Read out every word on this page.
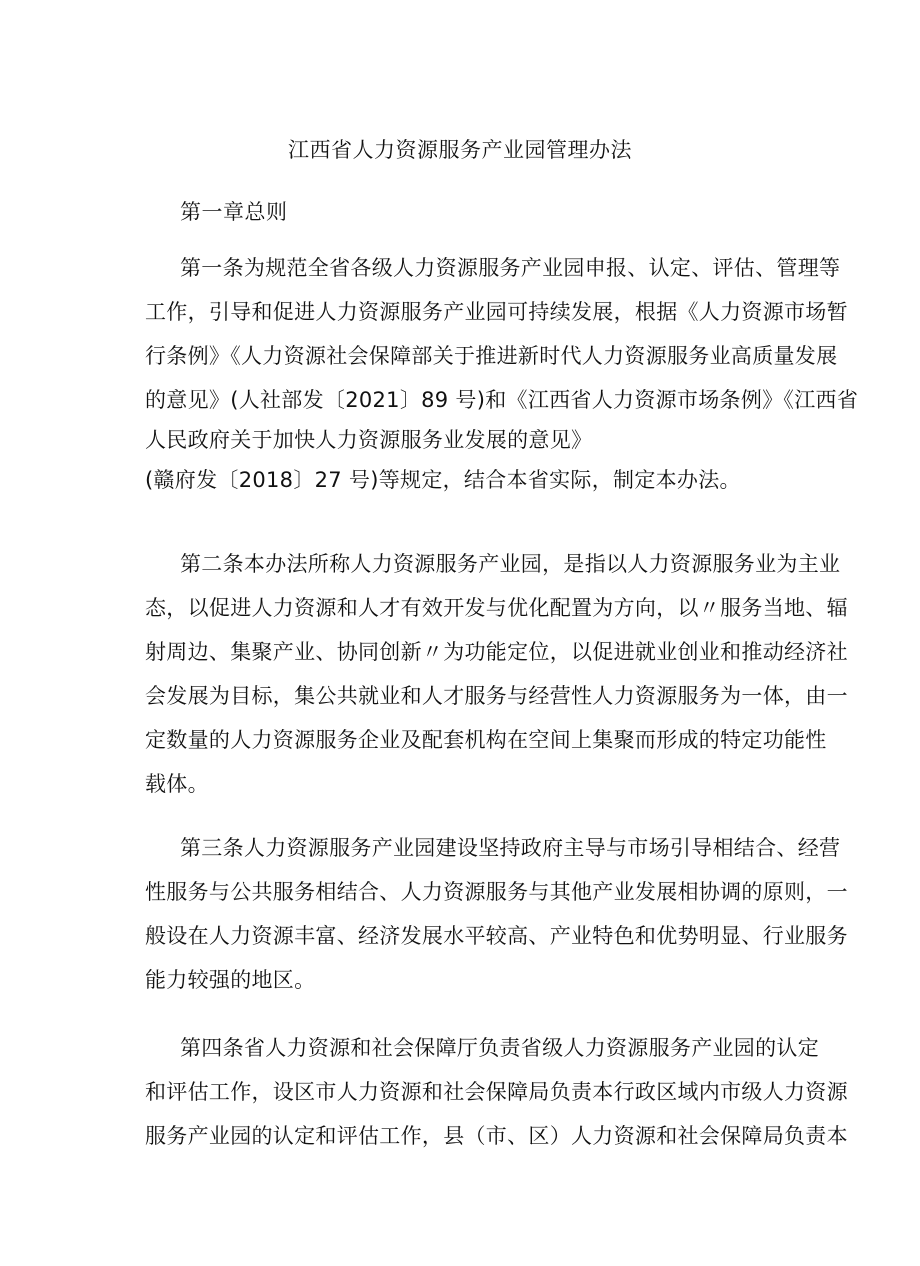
江西省人力资源服务产业园管理办法
第一章总则
第一条为规范全省各级人力资源服务产业园申报、认定、评估、管理等
工作，引导和促进人力资源服务产业园可持续发展，根据《人力资源市场暂
行条例》《人力资源社会保障部关于推进新时代人力资源服务业高质量发展
的意见》(人社部发〔2021〕89 号)和《江西省人力资源市场条例》《江西省
人民政府关于加快人力资源服务业发展的意见》
(赣府发〔2018〕27 号)等规定，结合本省实际，制定本办法。
第二条本办法所称人力资源服务产业园，是指以人力资源服务业为主业
态，以促进人力资源和人才有效开发与优化配置为方向，以〃服务当地、辐
射周边、集聚产业、协同创新〃为功能定位，以促进就业创业和推动经济社
会发展为目标，集公共就业和人才服务与经营性人力资源服务为一体，由一
定数量的人力资源服务企业及配套机构在空间上集聚而形成的特定功能性
载体。
第三条人力资源服务产业园建设坚持政府主导与市场引导相结合、经营
性服务与公共服务相结合、人力资源服务与其他产业发展相协调的原则，一
般设在人力资源丰富、经济发展水平较高、产业特色和优势明显、行业服务
能力较强的地区。
第四条省人力资源和社会保障厅负责省级人力资源服务产业园的认定
和评估工作，设区市人力资源和社会保障局负责本行政区域内市级人力资源
服务产业园的认定和评估工作，县（市、区）人力资源和社会保障局负责本
